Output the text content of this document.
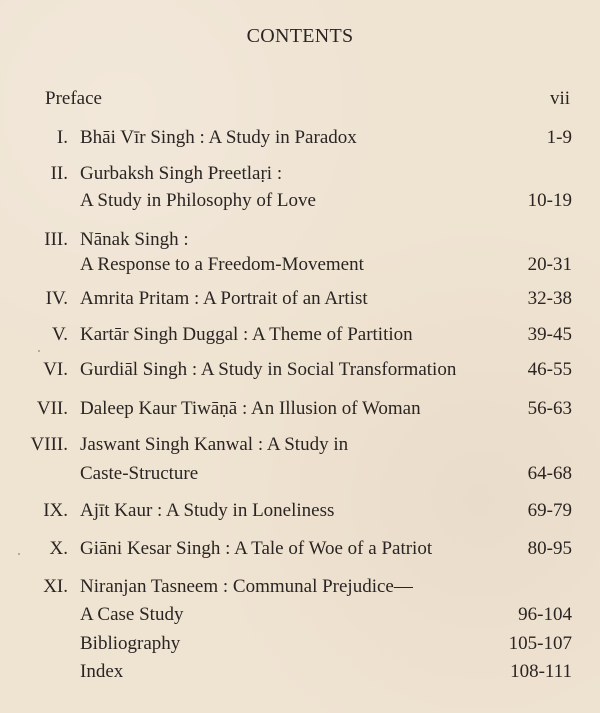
CONTENTS
Preface	vii
I. Bhāi Vīr Singh : A Study in Paradox	1-9
II. Gurbaksh Singh Preetlaṛi :
A Study in Philosophy of Love	10-19
III. Nānak Singh :
A Response to a Freedom-Movement	20-31
IV. Amrita Pritam : A Portrait of an Artist	32-38
V. Kartār Singh Duggal : A Theme of Partition	39-45
VI. Gurdiāl Singh : A Study in Social Transformation	46-55
VII. Daleep Kaur Tiwāṇā : An Illusion of Woman	56-63
VIII. Jaswant Singh Kanwal : A Study in
Caste-Structure	64-68
IX. Ajīt Kaur : A Study in Loneliness	69-79
X. Giāni Kesar Singh : A Tale of Woe of a Patriot	80-95
XI. Niranjan Tasneem : Communal Prejudice—
A Case Study	96-104
Bibliography	105-107
Index	108-111
